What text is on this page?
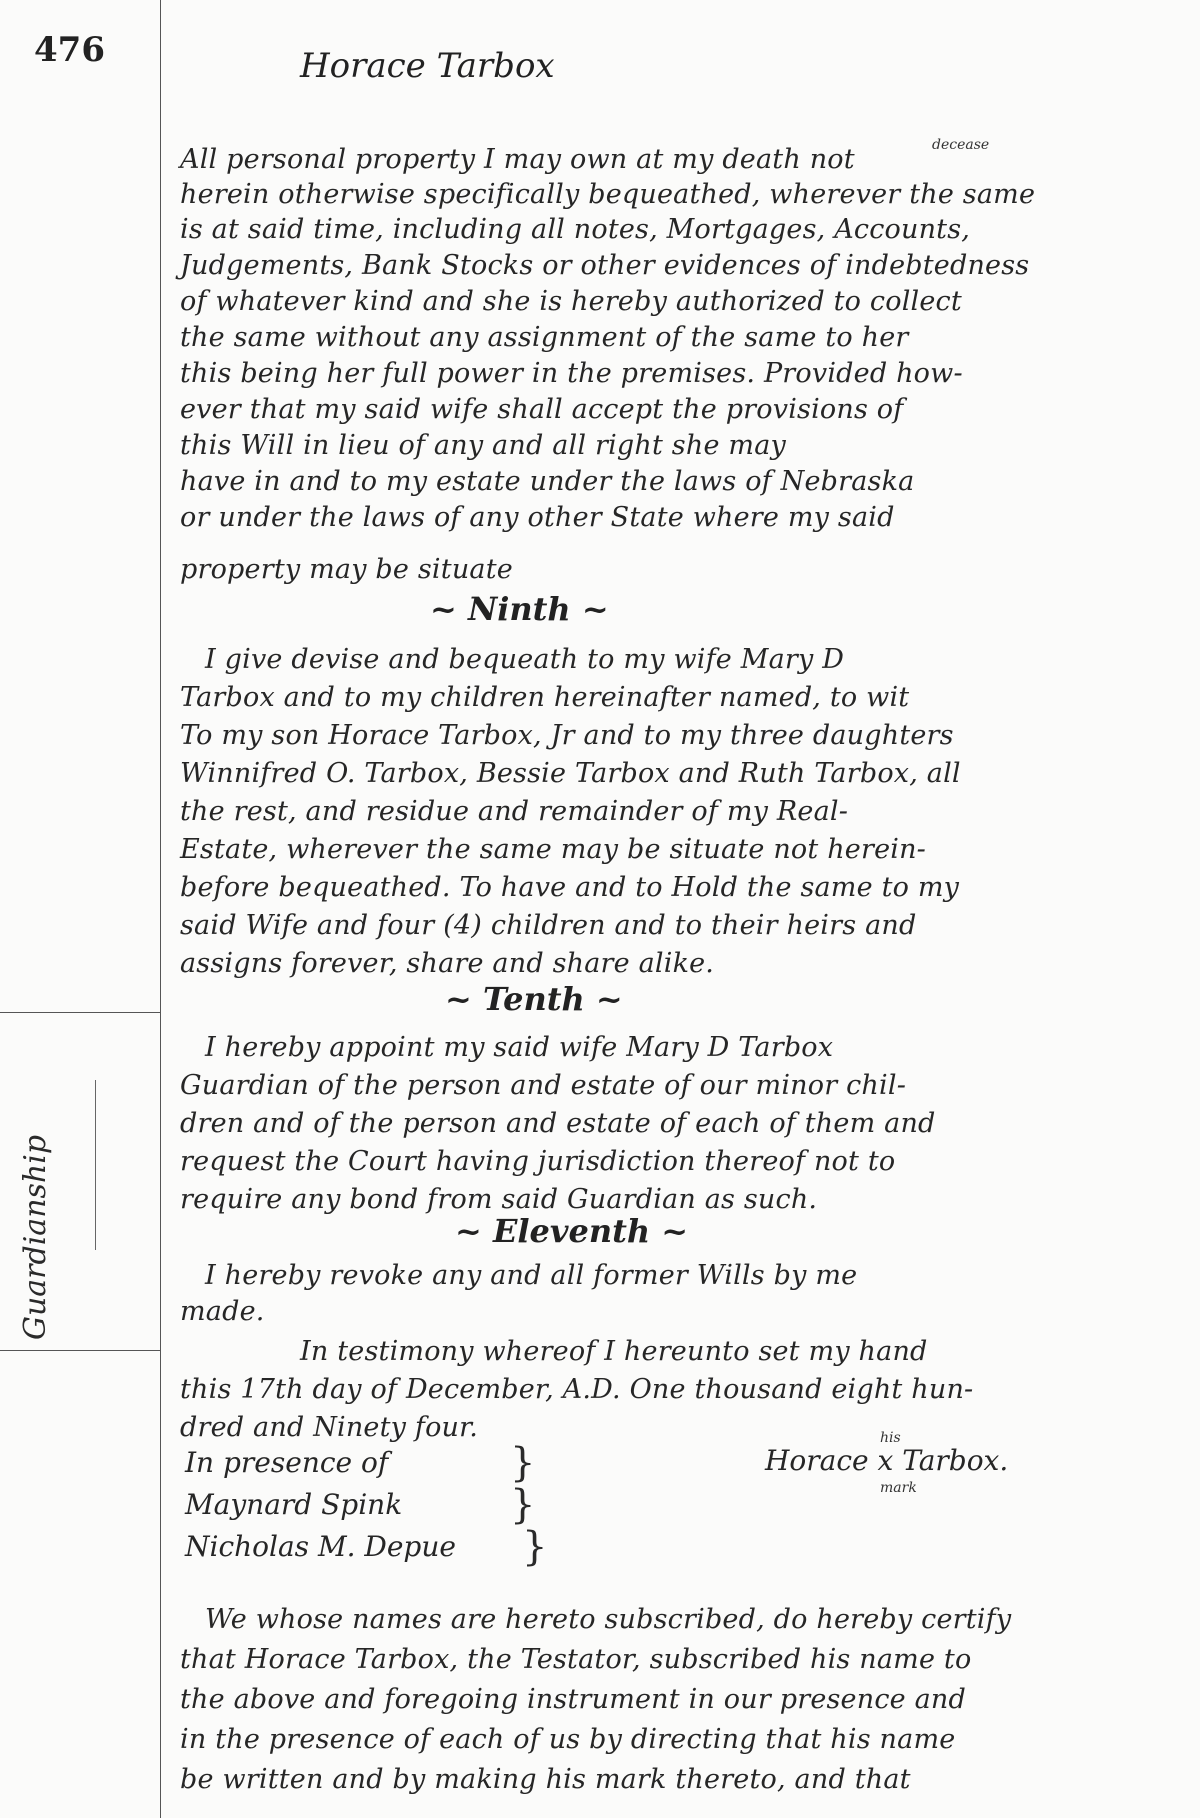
476	Horace Tarbox
Guardianship
decease
All personal property I may own at my death not
herein otherwise specifically bequeathed, wherever the same
is at said time, including all notes, Mortgages, Accounts,
Judgements, Bank Stocks or other evidences of indebtedness
of whatever kind and she is hereby authorized to collect
the same without any assignment of the same to her
this being her full power in the premises. Provided how-
ever that my said wife shall accept the provisions of
this Will in lieu of any and all right she may
have in and to my estate under the laws of Nebraska
or under the laws of any other State where my said
property may be situate
~ Ninth ~
I give devise and bequeath to my wife Mary D
Tarbox and to my children hereinafter named, to wit
To my son Horace Tarbox, Jr and to my three daughters
Winnifred O. Tarbox, Bessie Tarbox and Ruth Tarbox, all
the rest, and residue and remainder of my Real-
Estate, wherever the same may be situate not herein-
before bequeathed. To have and to Hold the same to my
said Wife and four (4) children and to their heirs and
assigns forever, share and share alike.
~ Tenth ~
I hereby appoint my said wife Mary D Tarbox
Guardian of the person and estate of our minor chil-
dren and of the person and estate of each of them and
request the Court having jurisdiction thereof not to
require any bond from said Guardian as such.
~ Eleventh ~
I hereby revoke any and all former Wills by me
made.
In testimony whereof I hereunto set my hand
this 17th day of December, A.D. One thousand eight hun-
dred and Ninety four.	his
Horace x Tarbox.
mark
In presence of
Maynard Spink
Nicholas M. Depue
}
}
}
We whose names are hereto subscribed, do hereby certify
that Horace Tarbox, the Testator, subscribed his name to
the above and foregoing instrument in our presence and
in the presence of each of us by directing that his name
be written and by making his mark thereto, and that
